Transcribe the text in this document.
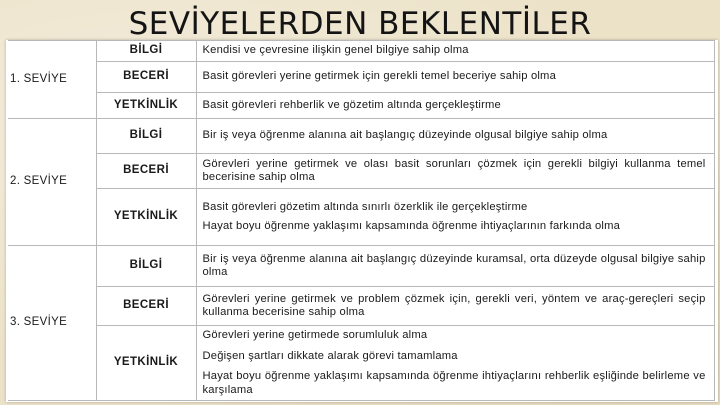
SEVİYELERDEN BEKLENTİLER
1. SEVİYE	BİLGİ	Kendisi ve çevresine ilişkin genel bilgiye sahip olma

	BECERİ	Basit görevleri yerine getirmek için gerekli temel beceriye sahip olma

	YETKİNLİK	Basit görevleri rehberlik ve gözetim altında gerçekleştirme

2. SEVİYE	BİLGİ	Bir iş veya öğrenme alanına ait başlangıç düzeyinde olgusal bilgiye sahip olma

	BECERİ	Görevleri yerine getirmek ve olası basit sorunları çözmek için gerekli bilgiyi kullanma temel becerisine sahip olma

	YETKİNLİK	Basit görevleri gözetim altında sınırlı özerklik ile gerçekleştirme
Hayat boyu öğrenme yaklaşımı kapsamında öğrenme ihtiyaçlarının farkında olma

3. SEVİYE	BİLGİ	Bir iş veya öğrenme alanına ait başlangıç düzeyinde kuramsal, orta düzeyde olgusal bilgiye sahip olma

	BECERİ	Görevleri yerine getirmek ve problem çözmek için, gerekli veri, yöntem ve araç-gereçleri seçip kullanma becerisine sahip olma

	YETKİNLİK	Görevleri yerine getirmede sorumluluk alma
Değişen şartları dikkate alarak görevi tamamlama
Hayat boyu öğrenme yaklaşımı kapsamında öğrenme ihtiyaçlarını rehberlik eşliğinde belirleme ve karşılama
